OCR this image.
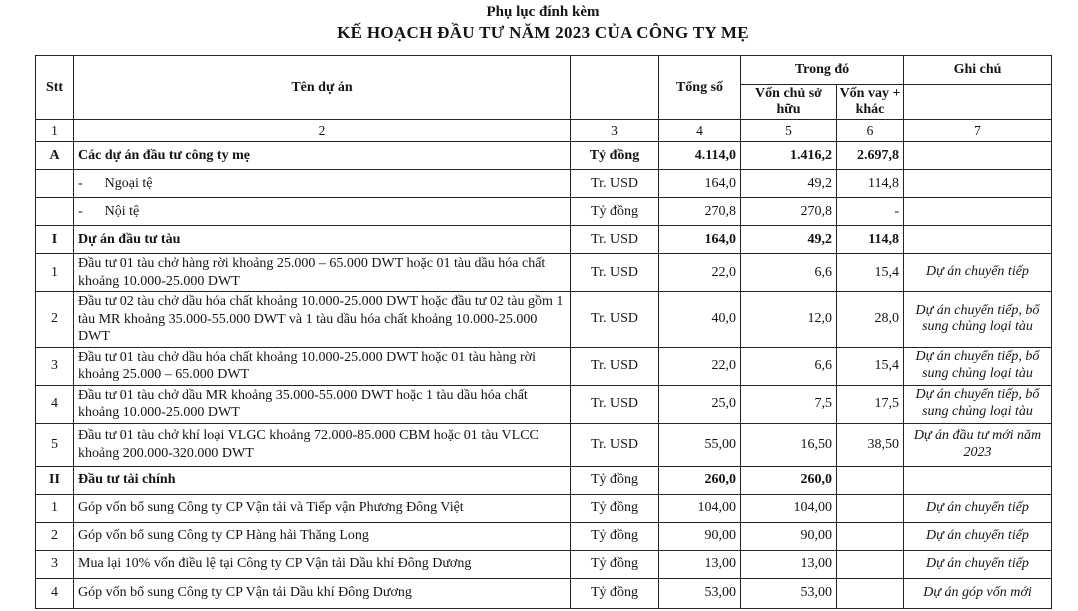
Phụ lục đính kèm
KẾ HOẠCH ĐẦU TƯ NĂM 2023 CỦA CÔNG TY MẸ
Stt	Tên dự án		Tổng số	Trong đó		Ghi chú
				Vốn chủ sở hữu	Vốn vay + khác	
1	2	3	4	5	6	7
A	Các dự án đầu tư công ty mẹ	Tỷ đồng	4.114,0	1.416,2	2.697,8	
	- Ngoại tệ	Tr. USD	164,0	49,2	114,8	
	- Nội tệ	Tỷ đồng	270,8	270,8	-	
I	Dự án đầu tư tàu	Tr. USD	164,0	49,2	114,8	
1	Đầu tư 01 tàu chở hàng rời khoảng 25.000 – 65.000 DWT hoặc 01 tàu dầu hóa chất khoảng 10.000-25.000 DWT	Tr. USD	22,0	6,6	15,4	Dự án chuyển tiếp
2	Đầu tư 02 tàu chở dầu hóa chất khoảng 10.000-25.000 DWT hoặc đầu tư 02 tàu gồm 1 tàu MR khoảng 35.000-55.000 DWT và 1 tàu dầu hóa chất khoảng 10.000-25.000 DWT	Tr. USD	40,0	12,0	28,0	Dự án chuyển tiếp, bổ sung chủng loại tàu
3	Đầu tư 01 tàu chở dầu hóa chất khoảng 10.000-25.000 DWT hoặc 01 tàu hàng rời khoảng 25.000 – 65.000 DWT	Tr. USD	22,0	6,6	15,4	Dự án chuyển tiếp, bổ sung chủng loại tàu
4	Đầu tư 01 tàu chở dầu MR khoảng 35.000-55.000 DWT hoặc 1 tàu dầu hóa chất khoảng 10.000-25.000 DWT	Tr. USD	25,0	7,5	17,5	Dự án chuyển tiếp, bổ sung chủng loại tàu
5	Đầu tư 01 tàu chở khí loại VLGC khoảng 72.000-85.000 CBM hoặc 01 tàu VLCC khoảng 200.000-320.000 DWT	Tr. USD	55,00	16,50	38,50	Dự án đầu tư mới năm 2023
II	Đầu tư tài chính	Tỷ đồng	260,0	260,0		
1	Góp vốn bổ sung Công ty CP Vận tải và Tiếp vận Phương Đông Việt	Tỷ đồng	104,00	104,00		Dự án chuyển tiếp
2	Góp vốn bổ sung Công ty CP Hàng hải Thăng Long	Tỷ đồng	90,00	90,00		Dự án chuyển tiếp
3	Mua lại 10% vốn điều lệ tại Công ty CP Vận tải Dầu khí Đông Dương	Tỷ đồng	13,00	13,00		Dự án chuyển tiếp
4	Góp vốn bổ sung Công ty CP Vận tải Dầu khí Đông Dương	Tỷ đồng	53,00	53,00		Dự án góp vốn mới
